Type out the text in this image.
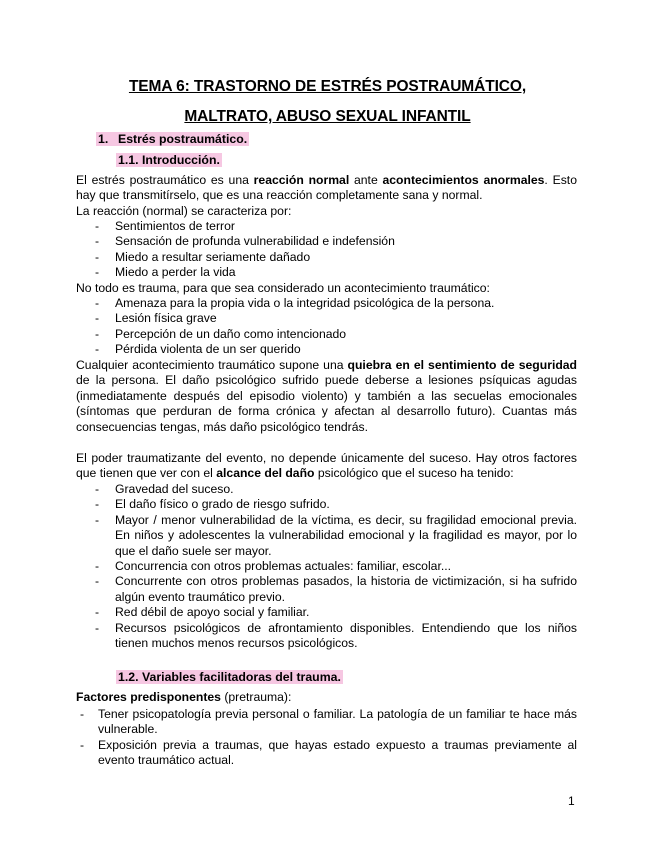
TEMA 6: TRASTORNO DE ESTRÉS POSTRAUMÁTICO,
MALTRATO, ABUSO SEXUAL INFANTIL
1. Estrés postraumático.
1.1. Introducción.
El estrés postraumático es una reacción normal ante acontecimientos anormales. Esto hay que transmitírselo, que es una reacción completamente sana y normal.
La reacción (normal) se caracteriza por:
- Sentimientos de terror
- Sensación de profunda vulnerabilidad e indefensión
- Miedo a resultar seriamente dañado
- Miedo a perder la vida
No todo es trauma, para que sea considerado un acontecimiento traumático:
- Amenaza para la propia vida o la integridad psicológica de la persona.
- Lesión física grave
- Percepción de un daño como intencionado
- Pérdida violenta de un ser querido
Cualquier acontecimiento traumático supone una quiebra en el sentimiento de seguridad de la persona. El daño psicológico sufrido puede deberse a lesiones psíquicas agudas (inmediatamente después del episodio violento) y también a las secuelas emocionales (síntomas que perduran de forma crónica y afectan al desarrollo futuro). Cuantas más consecuencias tengas, más daño psicológico tendrás.
El poder traumatizante del evento, no depende únicamente del suceso. Hay otros factores que tienen que ver con el alcance del daño psicológico que el suceso ha tenido:
- Gravedad del suceso.
- El daño físico o grado de riesgo sufrido.
- Mayor / menor vulnerabilidad de la víctima, es decir, su fragilidad emocional previa. En niños y adolescentes la vulnerabilidad emocional y la fragilidad es mayor, por lo que el daño suele ser mayor.
- Concurrencia con otros problemas actuales: familiar, escolar...
- Concurrente con otros problemas pasados, la historia de victimización, si ha sufrido algún evento traumático previo.
- Red débil de apoyo social y familiar.
- Recursos psicológicos de afrontamiento disponibles. Entendiendo que los niños tienen muchos menos recursos psicológicos.
1.2. Variables facilitadoras del trauma.
Factores predisponentes (pretrauma):
- Tener psicopatología previa personal o familiar. La patología de un familiar te hace más vulnerable.
- Exposición previa a traumas, que hayas estado expuesto a traumas previamente al evento traumático actual.
1
